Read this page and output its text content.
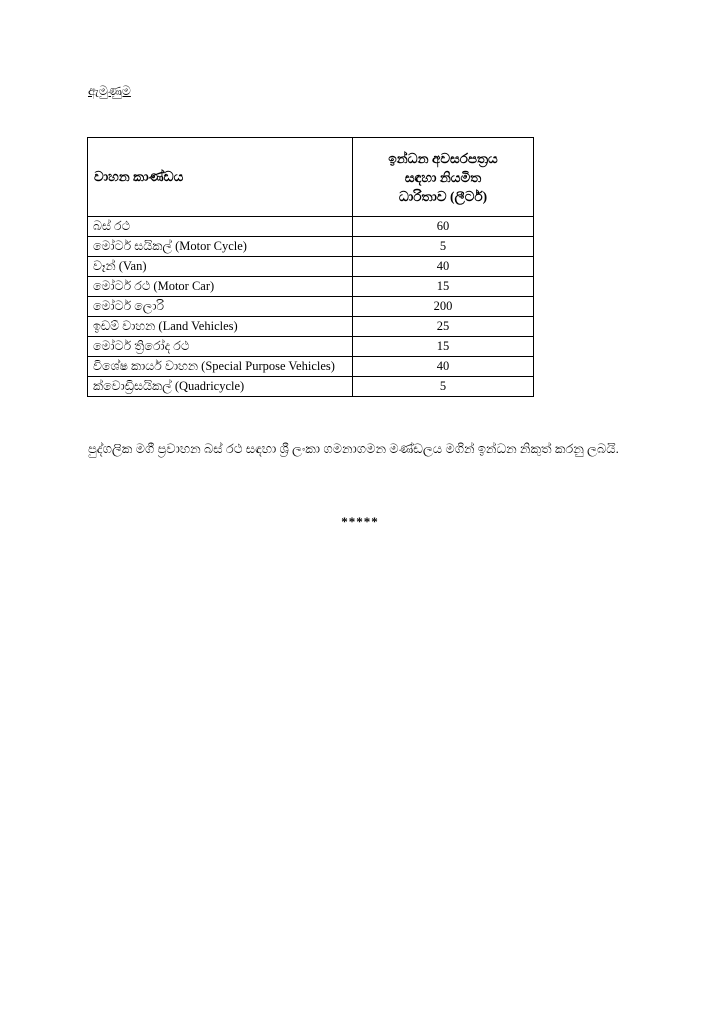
ඇමුණුම
වාහන කාණ්ඩය	ඉන්ධන අවසරපත්‍රය
සඳහා නියමිත
ධාරිතාව (ලීටර්)

බස් රථ	60
මෝටර් සයිකල් (Motor Cycle)	5
වෑන් (Van)	40
මෝටර් රථ (Motor Car)	15
මෝටර් ලොරි	200
ඉඩම් වාහන (Land Vehicles)	25
මෝටර් ත්‍රිරෝද රථ	15
විශේෂ කාර්ය වාහන (Special Purpose Vehicles)	40
ක්වොඩ්‍රිසයිකල් (Quadricycle)	5
පුද්ගලික මගී ප්‍රවාහන බස් රථ සඳහා ශ්‍රී ලංකා ගමනාගමන මණ්ඩලය මගින් ඉන්ධන නිකුත් කරනු ලබයි.
*****
